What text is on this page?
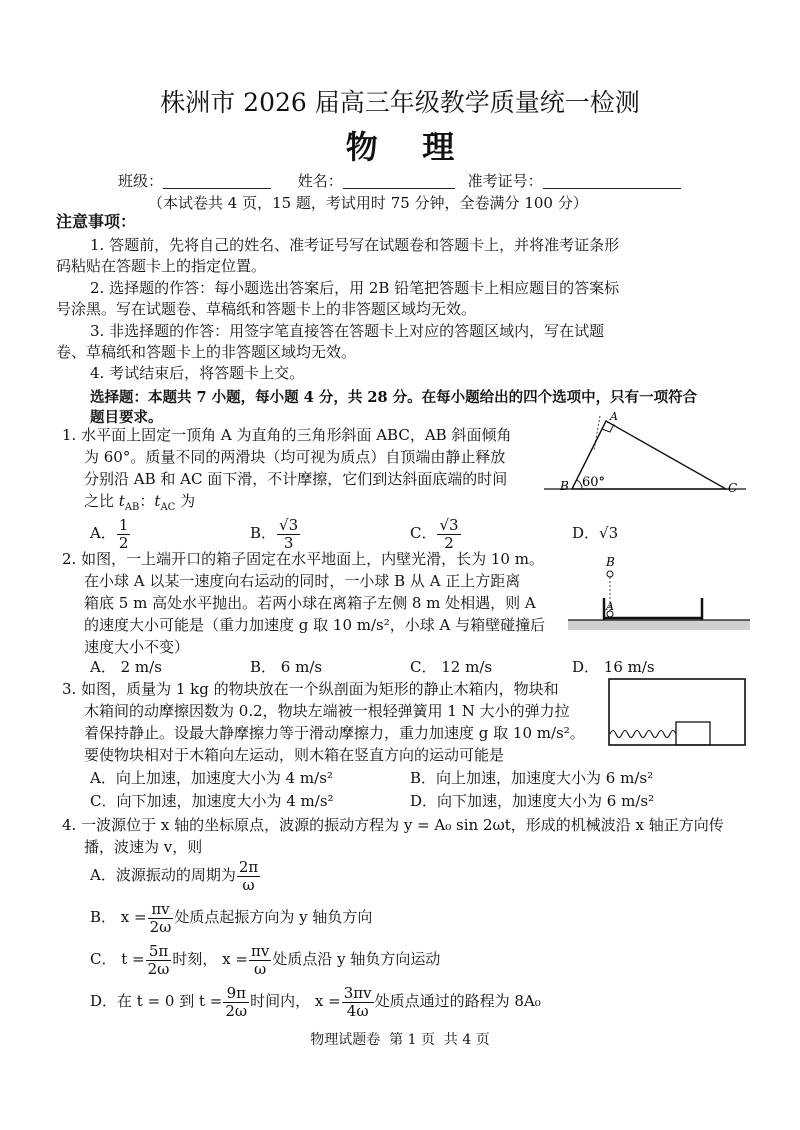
株洲市 2026 届高三年级教学质量统一检测
物    理
班级：	姓名：	准考证号：
（本试卷共 4 页，15 题，考试用时 75 分钟，全卷满分 100 分）
注意事项：
1. 答题前，先将自己的姓名、准考证号写在试题卷和答题卡上，并将准考证条形
码粘贴在答题卡上的指定位置。
2. 选择题的作答：每小题选出答案后，用 2B 铅笔把答题卡上相应题目的答案标
号涂黑。写在试题卷、草稿纸和答题卡上的非答题区域均无效。
3. 非选择题的作答：用签字笔直接答在答题卡上对应的答题区域内，写在试题
卷、草稿纸和答题卡上的非答题区域均无效。
4. 考试结束后，将答题卡上交。
选择题：本题共 7 小题，每小题 4 分，共 28 分。在每小题给出的四个选项中，只有一项符合
题目要求。
1. 水平面上固定一顶角 A 为直角的三角形斜面 ABC，AB 斜面倾角
为 60°。质量不同的两滑块（均可视为质点）自顶端由静止释放
分别沿 AB 和 AC 面下滑，不计摩擦，它们到达斜面底端的时间
之比 $t_{AB}$：$t_{AC}$ 为
A． $\frac{1}{2}$	B． $\frac{√3}{3}$	C． $\frac{√3}{2}$	D．√3
A
B	C
60°
2. 如图，一上端开口的箱子固定在水平地面上，内壁光滑，长为 10 m。
在小球 A 以某一速度向右运动的同时，一小球 B 从 A 正上方距离
箱底 5 m 高处水平抛出。若两小球在离箱子左侧 8 m 处相遇，则 A
的速度大小可能是（重力加速度 g 取 10 m/s²，小球 A 与箱壁碰撞后
速度大小不变）
A． 2 m/s	B． 6 m/s	C． 12 m/s	D． 16 m/s
B
A
3. 如图，质量为 1 kg 的物块放在一个纵剖面为矩形的静止木箱内，物块和
木箱间的动摩擦因数为 0.2，物块左端被一根轻弹簧用 1 N 大小的弹力拉
着保持静止。设最大静摩擦力等于滑动摩擦力，重力加速度 g 取 10 m/s²。
要使物块相对于木箱向左运动，则木箱在竖直方向的运动可能是
A．向上加速，加速度大小为 4 m/s²	B．向上加速，加速度大小为 6 m/s²
C．向下加速，加速度大小为 4 m/s²	D．向下加速，加速度大小为 6 m/s²
4. 一波源位于 x 轴的坐标原点，波源的振动方程为 y = A₀ sin 2ωt，形成的机械波沿 x 轴正方向传
播，波速为 v，则
A．波源振动的周期为 $\frac{2\pi}{\omega}$
B． $x = \frac{\pi v}{2\omega}$ 处质点起振方向为 y 轴负方向
C． $t = \frac{5\pi}{2\omega}$ 时刻， $x = \frac{\pi v}{\omega}$ 处质点沿 y 轴负方向运动
D．在 t = 0 到 $t = \frac{9\pi}{2\omega}$ 时间内， $x = \frac{3\pi v}{4\omega}$ 处质点通过的路程为 8A₀
物理试题卷  第 1 页  共 4 页
